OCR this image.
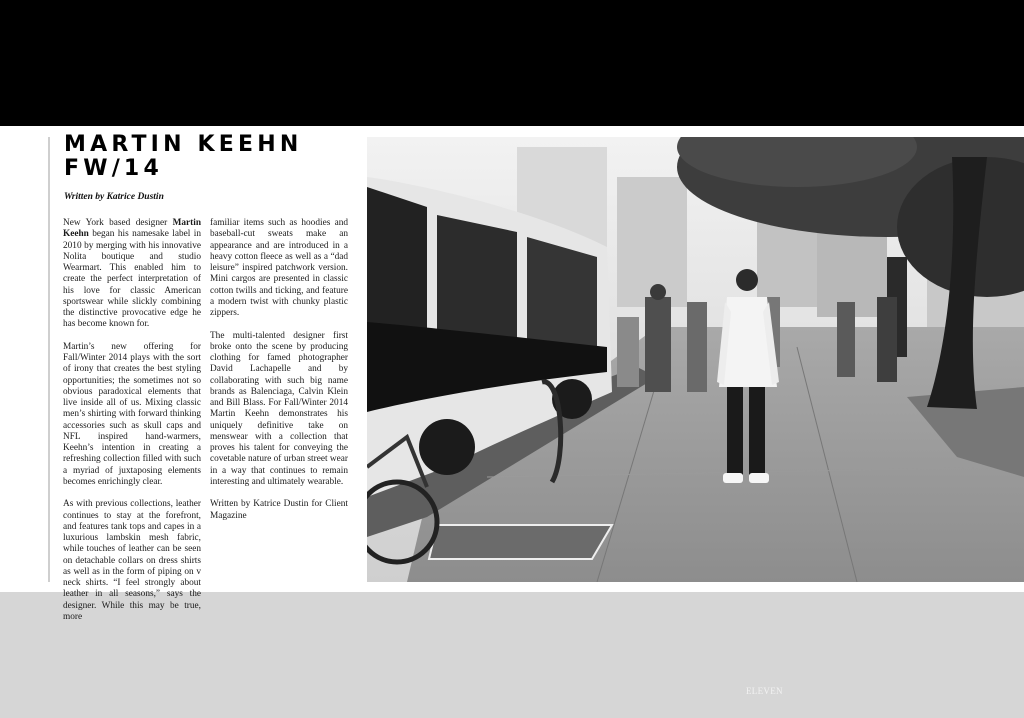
MARTIN KEEHN
FW/14
Written by Katrice Dustin

New York based designer Martin Keehn began his namesake label in 2010 by merging with his innovative Nolita boutique and studio Wearmart. This enabled him to create the perfect interpretation of his love for classic American sportswear while slickly combining the distinctive provocative edge he has become known for.

Martin’s new offering for Fall/Winter 2014 plays with the sort of irony that creates the best styling opportunities; the sometimes not so obvious paradoxical elements that live inside all of us. Mixing classic men’s shirting with forward thinking accessories such as skull caps and NFL inspired hand-warmers, Keehn’s intention in creating a refreshing collection filled with such a myriad of juxtaposing elements becomes enrichingly clear.

As with previous collections, leather continues to stay at the forefront, and features tank tops and capes in a luxurious lambskin mesh fabric, while touches of leather can be seen on detachable collars on dress shirts as well as in the form of piping on v neck shirts. “I feel strongly about leather in all seasons,” says the designer. While this may be true, more

familiar items such as hoodies and baseball-cut sweats make an appearance and are introduced in a heavy cotton fleece as well as a “dad leisure” inspired patchwork version. Mini cargos are presented in classic cotton twills and ticking, and feature a modern twist with chunky plastic zippers.

The multi-talented designer first broke onto the scene by producing clothing for famed photographer David Lachapelle and by collaborating with such big name brands as Balenciaga, Calvin Klein and Bill Blass. For Fall/Winter 2014 Martin Keehn demonstrates his uniquely definitive take on menswear with a collection that proves his talent for conveying the covetable nature of urban street wear in a way that continues to remain interesting and ultimately wearable.

Written by Katrice Dustin for Client Magazine

ELEVEN
